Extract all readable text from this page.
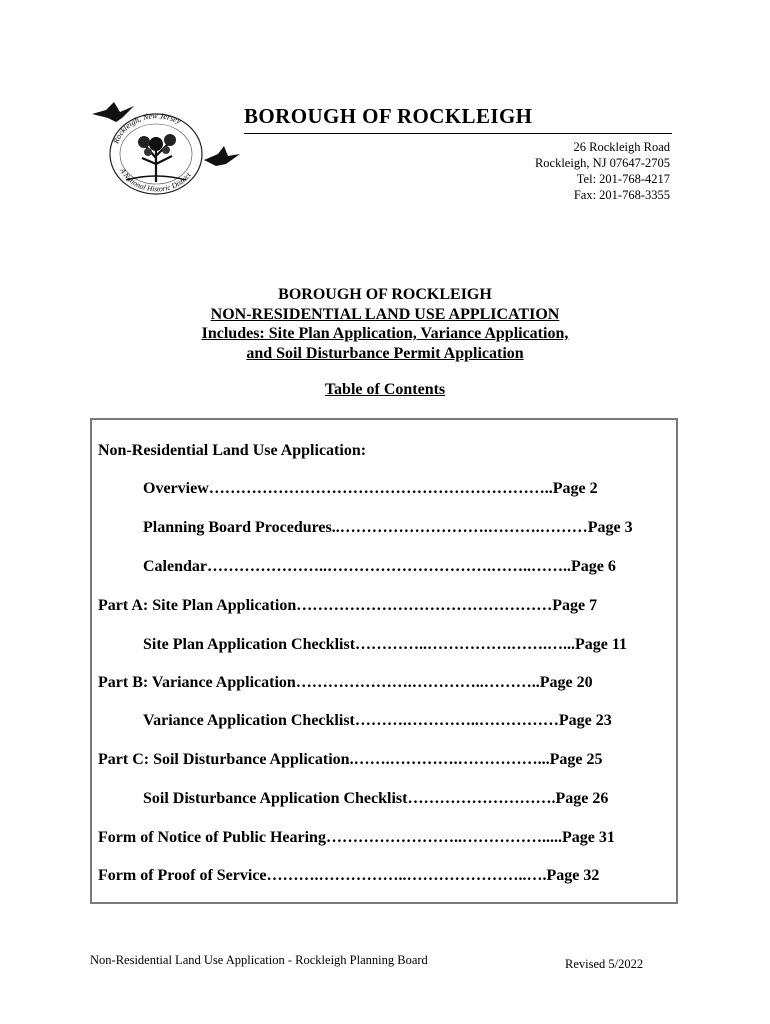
Rockleigh, New Jersey
A National Historic District
BOROUGH OF ROCKLEIGH
26 Rockleigh Road
Rockleigh, NJ 07647-2705
Tel: 201-768-4217
Fax: 201-768-3355
BOROUGH OF ROCKLEIGH
NON-RESIDENTIAL LAND USE APPLICATION
Includes: Site Plan Application, Variance Application,
and Soil Disturbance Permit Application
Table of Contents
Non-Residential Land Use Application:
Overview………………………………………………………..Page 2
Planning Board Procedures..……………………….……….………Page 3
Calendar…………………..………………………….……..……..Page 6
Part A: Site Plan Application…………………………………………Page 7
Site Plan Application Checklist…………..…………….…….…...Page 11
Part B: Variance Application………………….…………..………..Page 20
Variance Application Checklist……….…………..……………Page 23
Part C: Soil Disturbance Application.…….………….……………...Page 25
Soil Disturbance Application Checklist……………………….Page 26
Form of Notice of Public Hearing……………………..…………….....Page 31
Form of Proof of Service……….……………..…………………..….Page 32
Non-Residential Land Use Application - Rockleigh Planning Board	Revised 5/2022
